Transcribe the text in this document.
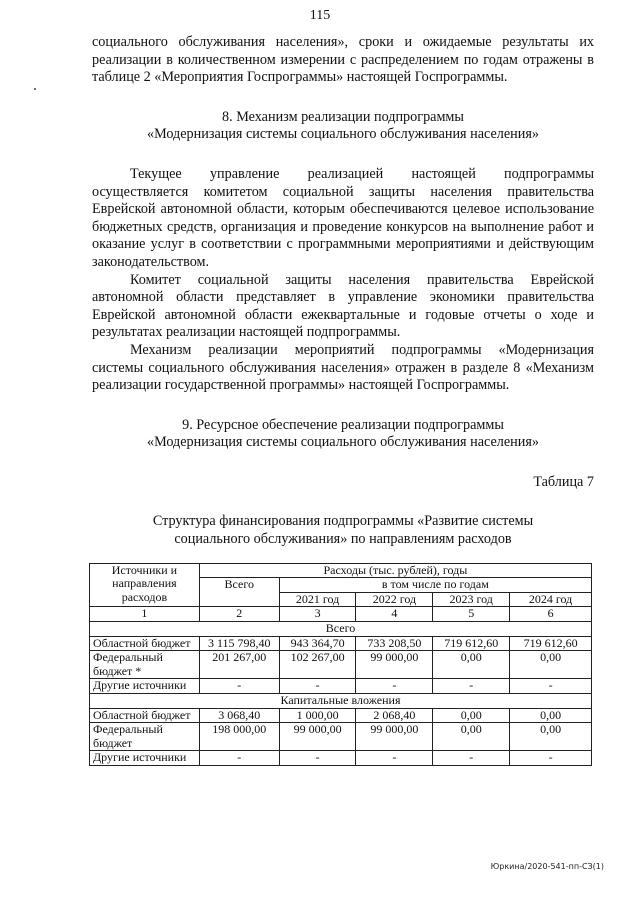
115

социального обслуживания населения», сроки и ожидаемые результаты их реализации в количественном измерении с распределением по годам отражены в таблице 2 «Мероприятия Госпрограммы» настоящей Госпрограммы.

8. Механизм реализации подпрограммы

«Модернизация системы социального обслуживания населения»

Текущее управление реализацией настоящей подпрограммы осуществляется комитетом социальной защиты населения правительства Еврейской автономной области, которым обеспечиваются целевое использование бюджетных средств, организация и проведение конкурсов на выполнение работ и оказание услуг в соответствии с программными мероприятиями и действующим законодательством.

Комитет социальной защиты населения правительства Еврейской автономной области представляет в управление экономики правительства Еврейской автономной области ежеквартальные и годовые отчеты о ходе и результатах реализации настоящей подпрограммы.

Механизм реализации мероприятий подпрограммы «Модернизация системы социального обслуживания населения» отражен в разделе 8 «Механизм реализации государственной программы» настоящей Госпрограммы.

9. Ресурсное обеспечение реализации подпрограммы

«Модернизация системы социального обслуживания населения»

Таблица 7

Структура финансирования подпрограммы «Развитие системы

социального обслуживания» по направлениям расходов

Источники и направления расходов	Расходы (тыс. рублей), годы				
	Всего	в том числе по годам			
		2021 год	2022 год	2023 год	2024 год
1	2	3	4	5	6
Всего					
Областной бюджет	3 115 798,40	943 364,70	733 208,50	719 612,60	719 612,60
Федеральный бюджет *	201 267,00	102 267,00	99 000,00	0,00	0,00
Другие источники	-	-	-	-	-
Капитальные вложения					
Областной бюджет	3 068,40	1 000,00	2 068,40	0,00	0,00
Федеральный бюджет	198 000,00	99 000,00	99 000,00	0,00	0,00
Другие источники	-	-	-	-	-
Юркина/2020-541-пп-СЗ(1)
